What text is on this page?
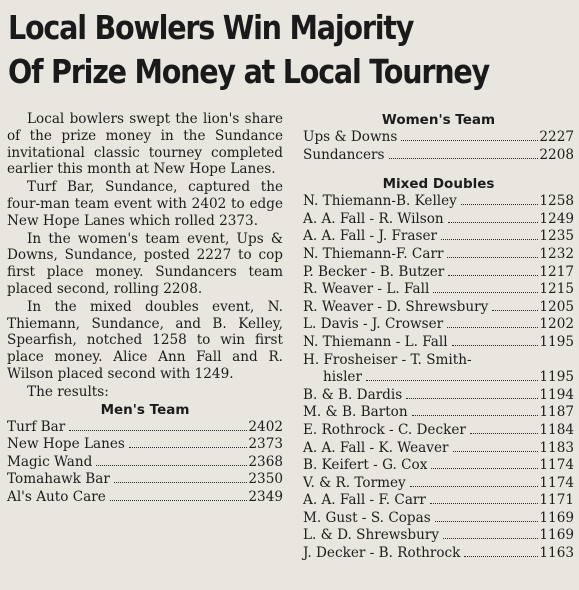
Local Bowlers Win Majority
Of Prize Money at Local Tourney

Local bowlers swept the lion's share of the prize money in the Sundance invitational classic tourney completed earlier this month at New Hope Lanes.

Turf Bar, Sundance, captured the four-man team event with 2402 to edge New Hope Lanes which rolled 2373.

In the women's team event, Ups & Downs, Sundance, posted 2227 to cop first place money. Sundancers team placed second, rolling 2208.

In the mixed doubles event, N. Thiemann, Sundance, and B. Kelley, Spearfish, notched 1258 to win first place money. Alice Ann Fall and R. Wilson placed second with 1249.

The results:

Men's Team
Turf Bar	2402
New Hope Lanes	2373
Magic Wand	2368
Tomahawk Bar	2350
Al's Auto Care	2349
Women's Team
Ups & Downs	2227
Sundancers	2208
Mixed Doubles
N. Thiemann-B. Kelley	1258
A. A. Fall - R. Wilson	1249
A. A. Fall - J. Fraser	1235
N. Thiemann-F. Carr	1232
P. Becker - B. Butzer	1217
R. Weaver - L. Fall	1215
R. Weaver - D. Shrewsbury	1205
L. Davis - J. Crowser	1202
N. Thiemann - L. Fall	1195
H. Frosheiser - T. Smith-
hisler	1195
B. & B. Dardis	1194
M. & B. Barton	1187
E. Rothrock - C. Decker	1184
A. A. Fall - K. Weaver	1183
B. Keifert - G. Cox	1174
V. & R. Tormey	1174
A. A. Fall - F. Carr	1171
M. Gust - S. Copas	1169
L. & D. Shrewsbury	1169
J. Decker - B. Rothrock	1163
